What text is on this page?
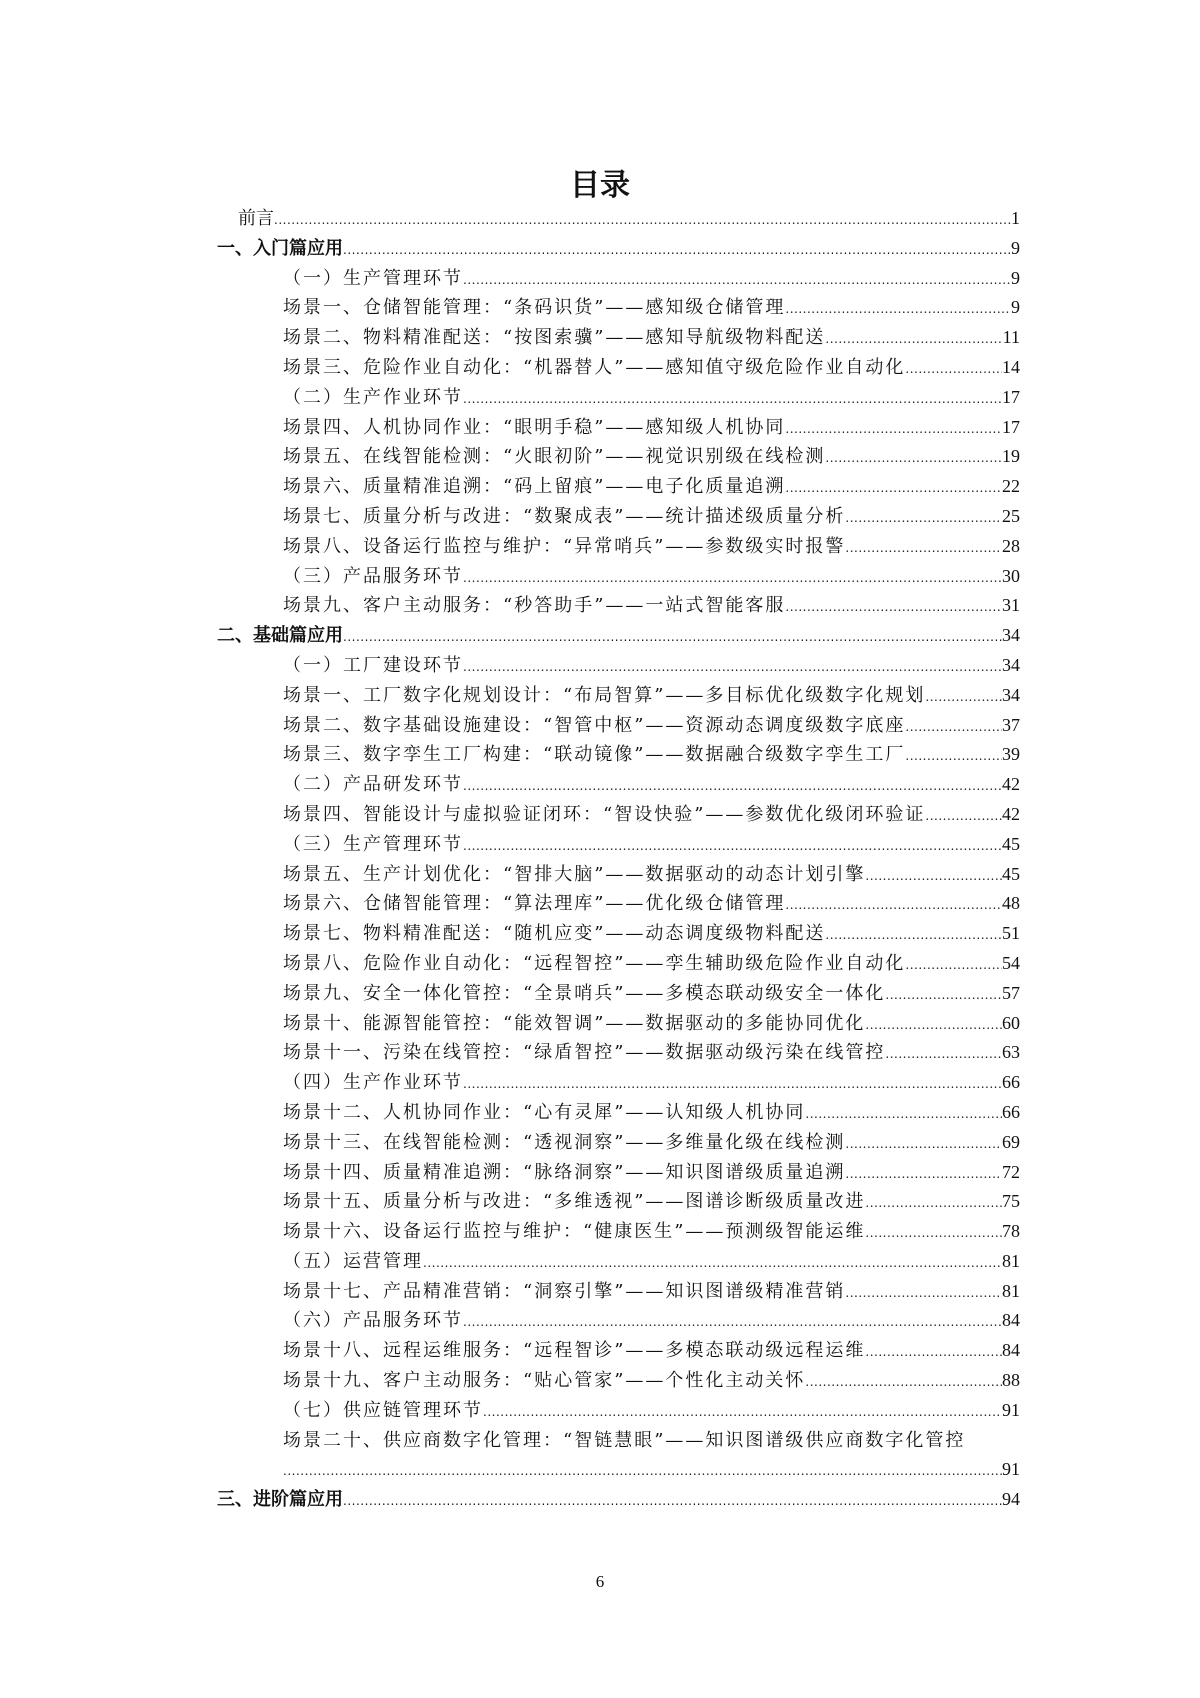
目录
前言 .....	1
一、入门篇应用 .....	9
（一）生产管理环节 .....	9
场景一、仓储智能管理：“条码识货”——感知级仓储管理 .....	9
场景二、物料精准配送：“按图索骥”——感知导航级物料配送 .....	11
场景三、危险作业自动化：“机器替人”——感知值守级危险作业自动化 .....	14
（二）生产作业环节 .....	17
场景四、人机协同作业：“眼明手稳”——感知级人机协同 .....	17
场景五、在线智能检测：“火眼初阶”——视觉识别级在线检测 .....	19
场景六、质量精准追溯：“码上留痕”——电子化质量追溯 .....	22
场景七、质量分析与改进：“数聚成表”——统计描述级质量分析 .....	25
场景八、设备运行监控与维护：“异常哨兵”——参数级实时报警 .....	28
（三）产品服务环节 .....	30
场景九、客户主动服务：“秒答助手”——一站式智能客服 .....	31
二、基础篇应用 .....	34
（一）工厂建设环节 .....	34
场景一、工厂数字化规划设计：“布局智算”——多目标优化级数字化规划 .....	34
场景二、数字基础设施建设：“智管中枢”——资源动态调度级数字底座 .....	37
场景三、数字孪生工厂构建：“联动镜像”——数据融合级数字孪生工厂 .....	39
（二）产品研发环节 .....	42
场景四、智能设计与虚拟验证闭环：“智设快验”——参数优化级闭环验证 .....	42
（三）生产管理环节 .....	45
场景五、生产计划优化：“智排大脑”——数据驱动的动态计划引擎 .....	45
场景六、仓储智能管理：“算法理库”——优化级仓储管理 .....	48
场景七、物料精准配送：“随机应变”——动态调度级物料配送 .....	51
场景八、危险作业自动化：“远程智控”——孪生辅助级危险作业自动化 .....	54
场景九、安全一体化管控：“全景哨兵”——多模态联动级安全一体化 .....	57
场景十、能源智能管控：“能效智调”——数据驱动的多能协同优化 .....	60
场景十一、污染在线管控：“绿盾智控”——数据驱动级污染在线管控 .....	63
（四）生产作业环节 .....	66
场景十二、人机协同作业：“心有灵犀”——认知级人机协同 .....	66
场景十三、在线智能检测：“透视洞察”——多维量化级在线检测 .....	69
场景十四、质量精准追溯：“脉络洞察”——知识图谱级质量追溯 .....	72
场景十五、质量分析与改进：“多维透视”——图谱诊断级质量改进 .....	75
场景十六、设备运行监控与维护：“健康医生”——预测级智能运维 .....	78
（五）运营管理 .....	81
场景十七、产品精准营销：“洞察引擎”——知识图谱级精准营销 .....	81
（六）产品服务环节 .....	84
场景十八、远程运维服务：“远程智诊”——多模态联动级远程运维 .....	84
场景十九、客户主动服务：“贴心管家”——个性化主动关怀 .....	88
（七）供应链管理环节 .....	91
场景二十、供应商数字化管理：“智链慧眼”——知识图谱级供应商数字化管控
.....
91
三、进阶篇应用 .....	94
6
